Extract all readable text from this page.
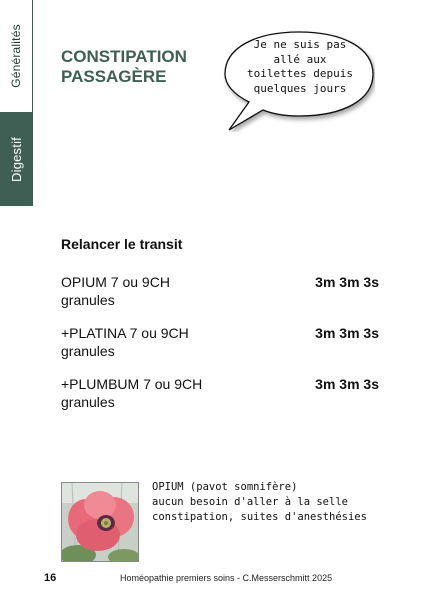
Généralités
Digestif
CONSTIPATION
PASSAGÈRE
Je ne suis pas
allé aux
toilettes depuis
quelques jours
Relancer le transit
OPIUM 7 ou 9CH	3m 3m 3s
granules
+PLATINA 7 ou 9CH	3m 3m 3s
granules
+PLUMBUM 7 ou 9CH	3m 3m 3s
granules
OPIUM (pavot somnifère)
aucun besoin d'aller à la selle
constipation, suites d'anesthésies
16	Homéopathie premiers soins - C.Messerschmitt 2025
